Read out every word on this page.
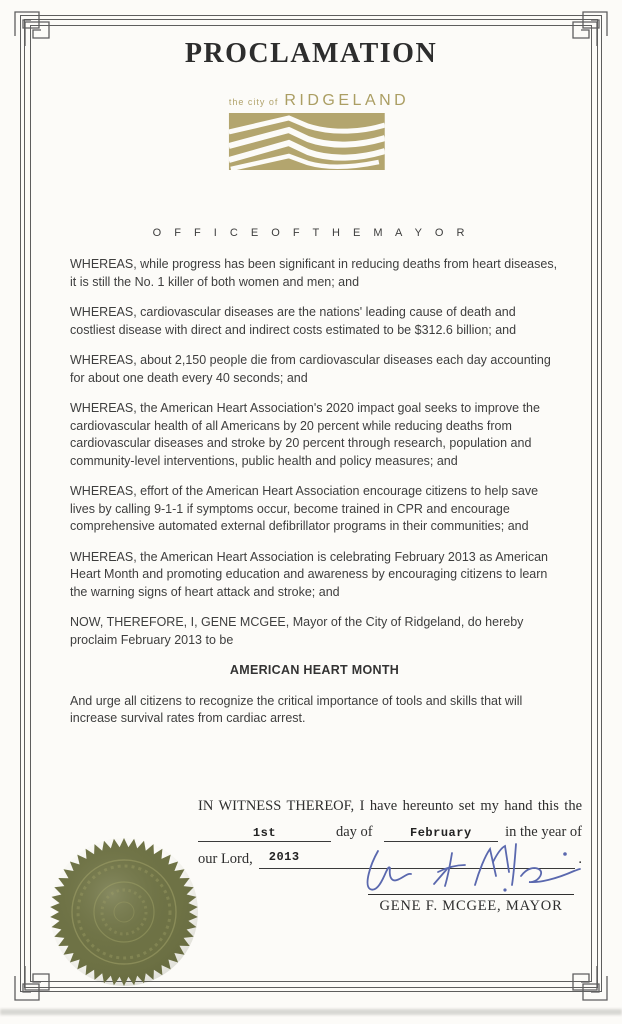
PROCLAMATION
the city of RIDGELAND
O F F I C E O F T H E M A Y O R

WHEREAS, while progress has been significant in reducing deaths from heart diseases, it is still the No. 1 killer of both women and men; and

WHEREAS, cardiovascular diseases are the nations' leading cause of death and costliest disease with direct and indirect costs estimated to be $312.6 billion; and

WHEREAS, about 2,150 people die from cardiovascular diseases each day accounting for about one death every 40 seconds; and

WHEREAS, the American Heart Association's 2020 impact goal seeks to improve the cardiovascular health of all Americans by 20 percent while reducing deaths from cardiovascular diseases and stroke by 20 percent through research, population and community-level interventions, public health and policy measures; and

WHEREAS, effort of the American Heart Association encourage citizens to help save lives by calling 9-1-1 if symptoms occur, become trained in CPR and encourage comprehensive automated external defibrillator programs in their communities; and

WHEREAS, the American Heart Association is celebrating February 2013 as American Heart Month and promoting education and awareness by encouraging citizens to learn the warning signs of heart attack and stroke; and

NOW, THEREFORE, I, GENE MCGEE, Mayor of the City of Ridgeland, do hereby proclaim February 2013 to be

AMERICAN HEART MONTH

And urge all citizens to recognize the critical importance of tools and skills that will increase survival rates from cardiac arrest.

IN WITNESS THEREOF, I have hereunto set my hand this the
1st	day of	February	in the year of
our Lord,	$^{2013}$	.
GENE F. MCGEE, MAYOR
